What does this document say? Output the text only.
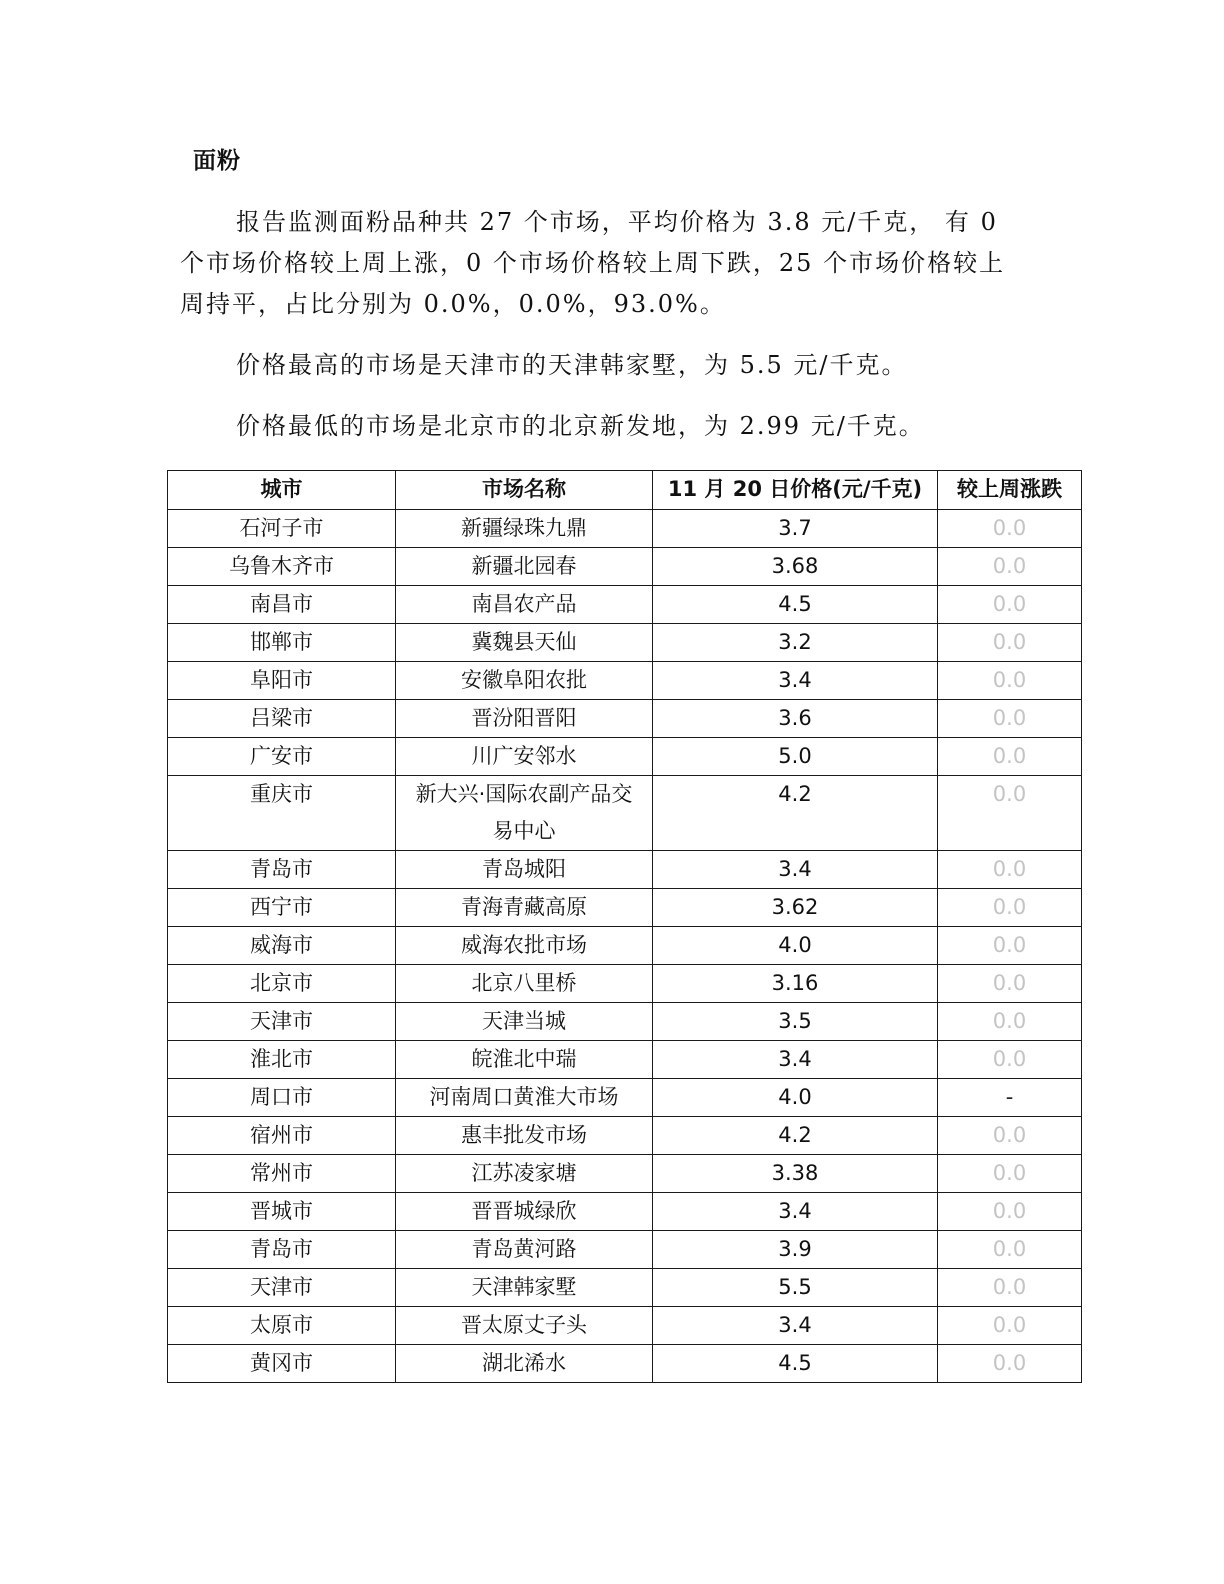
面粉

报告监测面粉品种共 27 个市场，平均价格为 3.8 元/千克， 有 0 个市场价格较上周上涨，0 个市场价格较上周下跌，25 个市场价格较上周持平，占比分别为 0.0%，0.0%，93.0%。

价格最高的市场是天津市的天津韩家墅，为 5.5 元/千克。

价格最低的市场是北京市的北京新发地，为 2.99 元/千克。

城市	市场名称	11 月 20 日价格(元/千克)	较上周涨跌
石河子市	新疆绿珠九鼎	3.7	0.0
乌鲁木齐市	新疆北园春	3.68	0.0
南昌市	南昌农产品	4.5	0.0
邯郸市	冀魏县天仙	3.2	0.0
阜阳市	安徽阜阳农批	3.4	0.0
吕梁市	晋汾阳晋阳	3.6	0.0
广安市	川广安邻水	5.0	0.0
重庆市	新大兴·国际农副产品交易中心	4.2	0.0
青岛市	青岛城阳	3.4	0.0
西宁市	青海青藏高原	3.62	0.0
威海市	威海农批市场	4.0	0.0
北京市	北京八里桥	3.16	0.0
天津市	天津当城	3.5	0.0
淮北市	皖淮北中瑞	3.4	0.0
周口市	河南周口黄淮大市场	4.0	-
宿州市	惠丰批发市场	4.2	0.0
常州市	江苏凌家塘	3.38	0.0
晋城市	晋晋城绿欣	3.4	0.0
青岛市	青岛黄河路	3.9	0.0
天津市	天津韩家墅	5.5	0.0
太原市	晋太原丈子头	3.4	0.0
黄冈市	湖北浠水	4.5	0.0
